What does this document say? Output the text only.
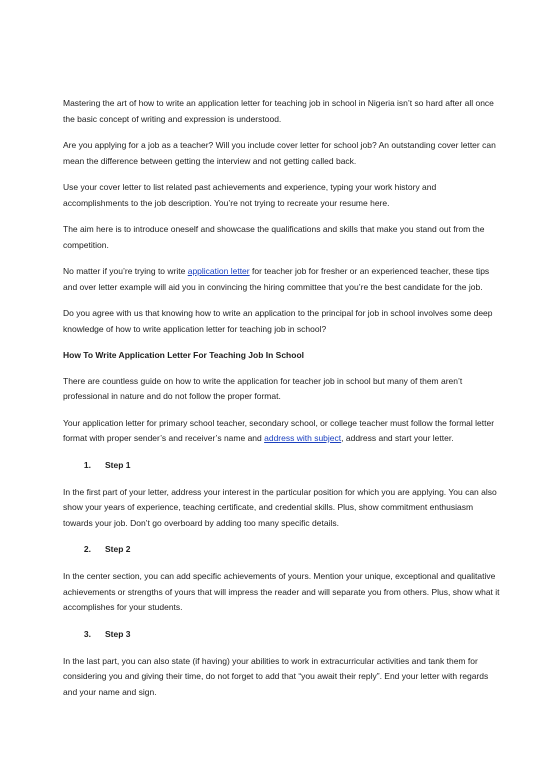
Mastering the art of how to write an application letter for teaching job in school in Nigeria isn’t so hard after all once the basic concept of writing and expression is understood.

Are you applying for a job as a teacher? Will you include cover letter for school job? An outstanding cover letter can mean the difference between getting the interview and not getting called back.

Use your cover letter to list related past achievements and experience, typing your work history and accomplishments to the job description. You’re not trying to recreate your resume here.

The aim here is to introduce oneself and showcase the qualifications and skills that make you stand out from the competition.

No matter if you’re trying to write application letter for teacher job for fresher or an experienced teacher, these tips and over letter example will aid you in convincing the hiring committee that you’re the best candidate for the job.

Do you agree with us that knowing how to write an application to the principal for job in school involves some deep knowledge of how to write application letter for teaching job in school?

How To Write Application Letter For Teaching Job In School

There are countless guide on how to write the application for teacher job in school but many of them aren’t professional in nature and do not follow the proper format.

Your application letter for primary school teacher, secondary school, or college teacher must follow the formal letter format with proper sender’s and receiver’s name and address with subject, address and start your letter.

1. Step 1

In the first part of your letter, address your interest in the particular position for which you are applying. You can also show your years of experience, teaching certificate, and credential skills. Plus, show commitment enthusiasm towards your job. Don’t go overboard by adding too many specific details.

2. Step 2

In the center section, you can add specific achievements of yours. Mention your unique, exceptional and qualitative achievements or strengths of yours that will impress the reader and will separate you from others. Plus, show what it accomplishes for your students.

3. Step 3

In the last part, you can also state (if having) your abilities to work in extracurricular activities and tank them for considering you and giving their time, do not forget to add that “you await their reply”. End your letter with regards and your name and sign.
